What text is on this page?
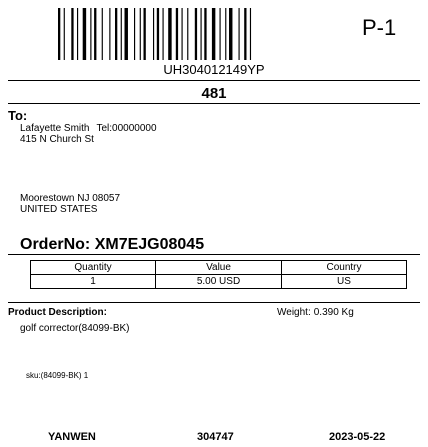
P-1
UH304012149YP
481
To:
Lafayette Smith Tel:00000000
415 N Church St
Moorestown NJ 08057
UNITED STATES
OrderNo: XM7EJG08045
Quantity	Value	Country
1	5.00 USD	US
Product Description:	Weight: 0.390 Kg
golf corrector(84099-BK)
sku:(84099-BK) 1
YANWEN	304747	2023-05-22
